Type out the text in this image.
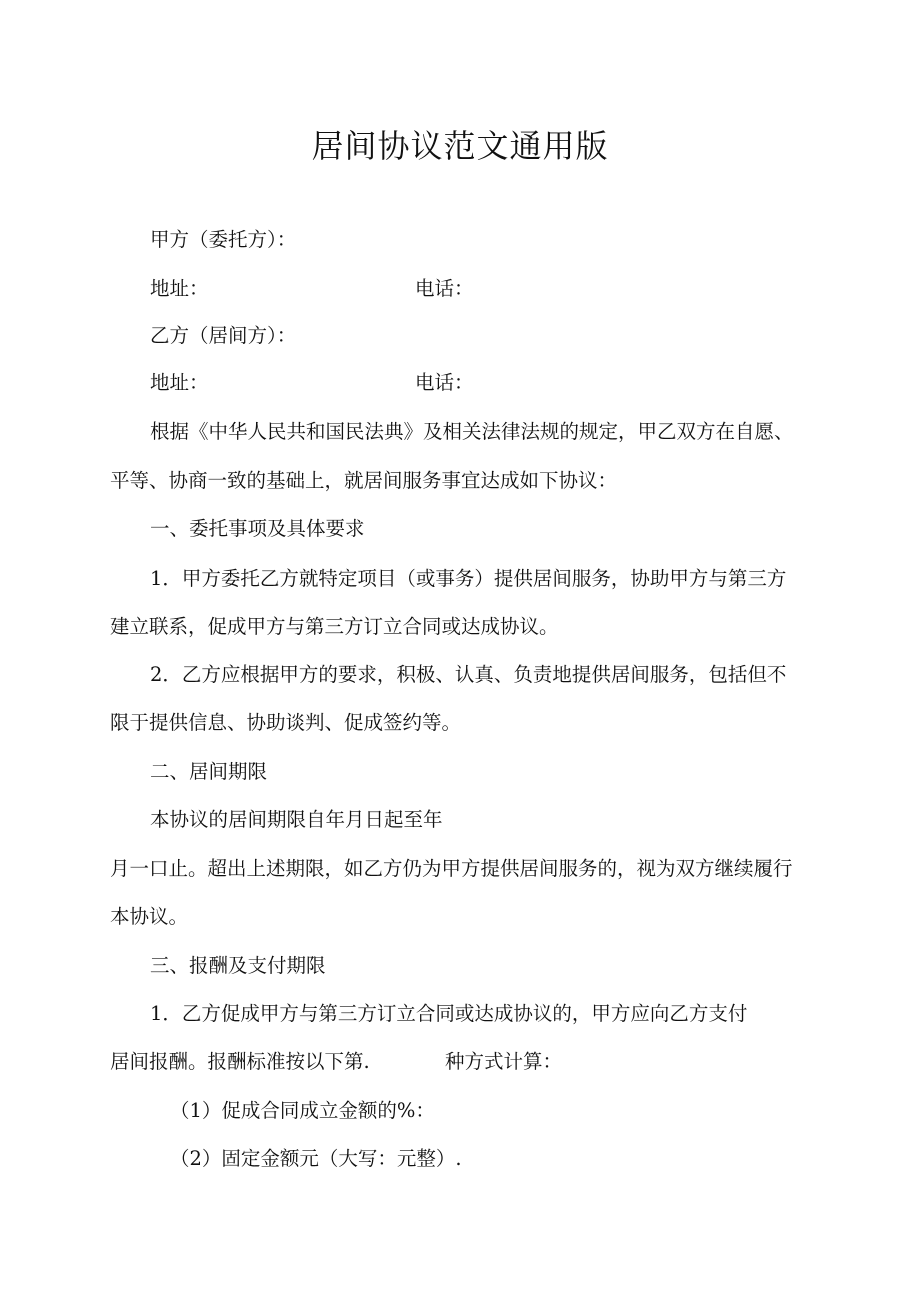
居间协议范文通用版

甲方（委托方）：

地址：	电话：

乙方（居间方）：

地址：	电话：

根据《中华人民共和国民法典》及相关法律法规的规定，甲乙双方在自愿、

平等、协商一致的基础上，就居间服务事宜达成如下协议：

一、委托事项及具体要求

1．甲方委托乙方就特定项目（或事务）提供居间服务，协助甲方与第三方

建立联系，促成甲方与第三方订立合同或达成协议。

2．乙方应根据甲方的要求，积极、认真、负责地提供居间服务，包括但不

限于提供信息、协助谈判、促成签约等。

二、居间期限

本协议的居间期限自年月日起至年

月一口止。超出上述期限，如乙方仍为甲方提供居间服务的，视为双方继续履行

本协议。

三、报酬及支付期限

1．乙方促成甲方与第三方订立合同或达成协议的，甲方应向乙方支付

居间报酬。报酬标准按以下第.	种方式计算：

（1）促成合同成立金额的%：

（2）固定金额元（大写：元整）.
